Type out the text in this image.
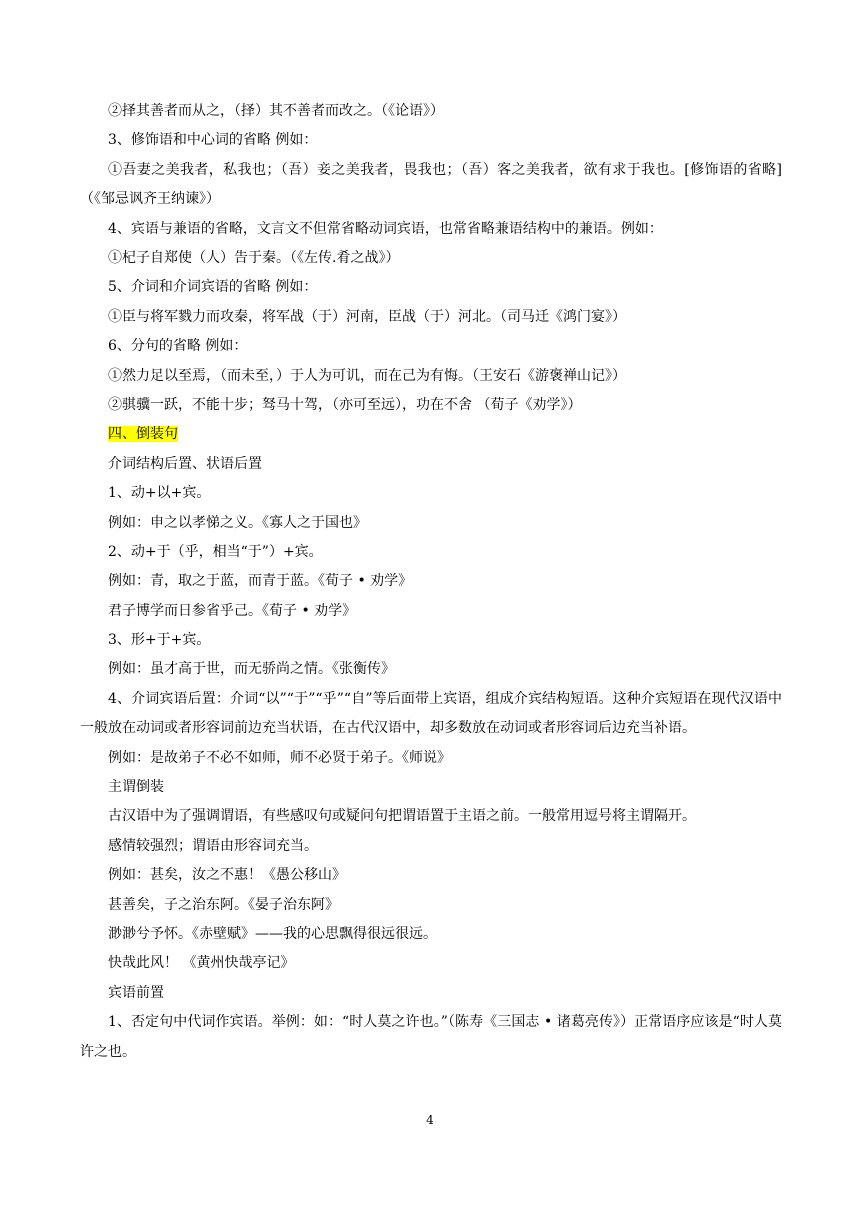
②择其善者而从之，（择）其不善者而改之。（《论语》）
3、修饰语和中心词的省略 例如：
①吾妻之美我者，私我也；（吾）妾之美我者，畏我也；（吾）客之美我者，欲有求于我也。[修饰语的省略] （《邹忌讽齐王纳谏》）
4、宾语与兼语的省略，文言文不但常省略动词宾语，也常省略兼语结构中的兼语。例如：
①杞子自郑使（人）告于秦。（《左传.肴之战》）
5、介词和介词宾语的省略 例如：
①臣与将军戮力而攻秦，将军战（于）河南，臣战（于）河北。（司马迁《鸿门宴》）
6、分句的省略 例如：
①然力足以至焉，（而未至，）于人为可讥，而在己为有悔。（王安石《游褒禅山记》）
②骐骥一跃，不能十步；驽马十驾，（亦可至远），功在不舍 （荀子《劝学》）
四、倒装句
介词结构后置、状语后置
1、动+以+宾。
例如：申之以孝悌之义。《寡人之于国也》
2、动+于（乎，相当“于”）+宾。
例如：青，取之于蓝，而青于蓝。《荀子 • 劝学》
君子博学而日参省乎己。《荀子 • 劝学》
3、形+于+宾。
例如：虽才高于世，而无骄尚之情。《张衡传》
4、介词宾语后置：介词“以”“于”“乎”“自”等后面带上宾语，组成介宾结构短语。这种介宾短语在现代汉语中一般放在动词或者形容词前边充当状语，在古代汉语中，却多数放在动词或者形容词后边充当补语。
例如：是故弟子不必不如师，师不必贤于弟子。《师说》
主谓倒装
古汉语中为了强调谓语，有些感叹句或疑问句把谓语置于主语之前。一般常用逗号将主谓隔开。
感情较强烈；谓语由形容词充当。
例如：甚矣，汝之不惠！《愚公移山》
甚善矣，子之治东阿。《晏子治东阿》
渺渺兮予怀。《赤壁赋》——我的心思飘得很远很远。
快哉此风！ 《黄州快哉亭记》
宾语前置
1、否定句中代词作宾语。举例：如：“时人莫之许也。”（陈寿《三国志 • 诸葛亮传》）正常语序应该是“时人莫许之也。
4
